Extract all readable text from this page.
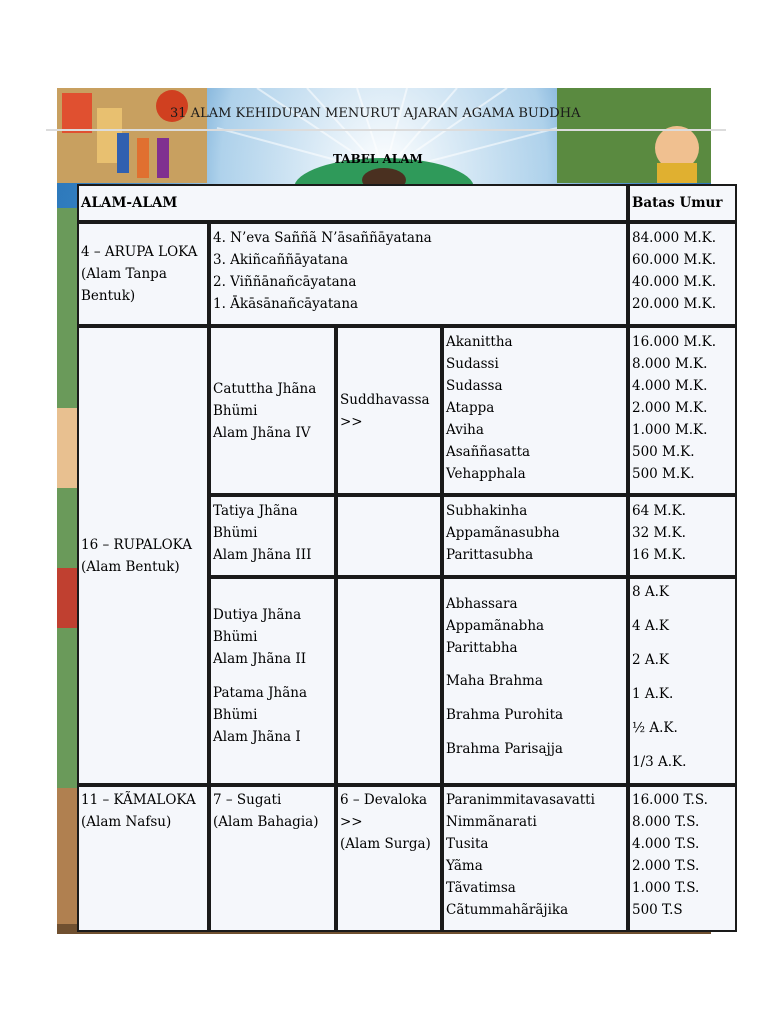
31 ALAM KEHIDUPAN MENURUT AJARAN AGAMA BUDDHA
TABEL ALAM
ALAM-ALAM	Batas Umur
4 – ARUPA LOKA
(Alam Tanpa
Bentuk)
4. N’eva Saññã N’āsaññāyatana
3. Akiñcaññāyatana
2. Viññānañcāyatana
1. Ākāsānañcāyatana
84.000 M.K.
60.000 M.K.
40.000 M.K.
20.000 M.K.
16 – RUPALOKA
(Alam Bentuk)
Catuttha Jhãna
Bhümi
Alam Jhãna IV
Suddhavassa
>>
Akanittha
Sudassi
Sudassa
Atappa
Aviha
Asaññasatta
Vehapphala
16.000 M.K.
8.000 M.K.
4.000 M.K.
2.000 M.K.
1.000 M.K.
500 M.K.
500 M.K.
Tatiya Jhãna
Bhümi
Alam Jhãna III
Subhakinha
Appamãnasubha
Parittasubha
64 M.K.
32 M.K.
16 M.K.
Dutiya Jhãna
Bhümi
Alam Jhãna II
Patama Jhãna
Bhümi
Alam Jhãna I
Abhassara
Appamãnabha
Parittabha
Maha Brahma
Brahma Purohita
Brahma Parisajja
8 A.K
4 A.K
2 A.K
1 A.K.
½ A.K.
1/3 A.K.
11 – KÃMALOKA
(Alam Nafsu)
7 – Sugati
(Alam Bahagia)
6 – Devaloka
>>
(Alam Surga)
Paranimmitavasavatti
Nimmãnarati
Tusita
Yãma
Tãvatimsa
Cãtummahãrãjika
16.000 T.S.
8.000 T.S.
4.000 T.S.
2.000 T.S.
1.000 T.S.
500 T.S
